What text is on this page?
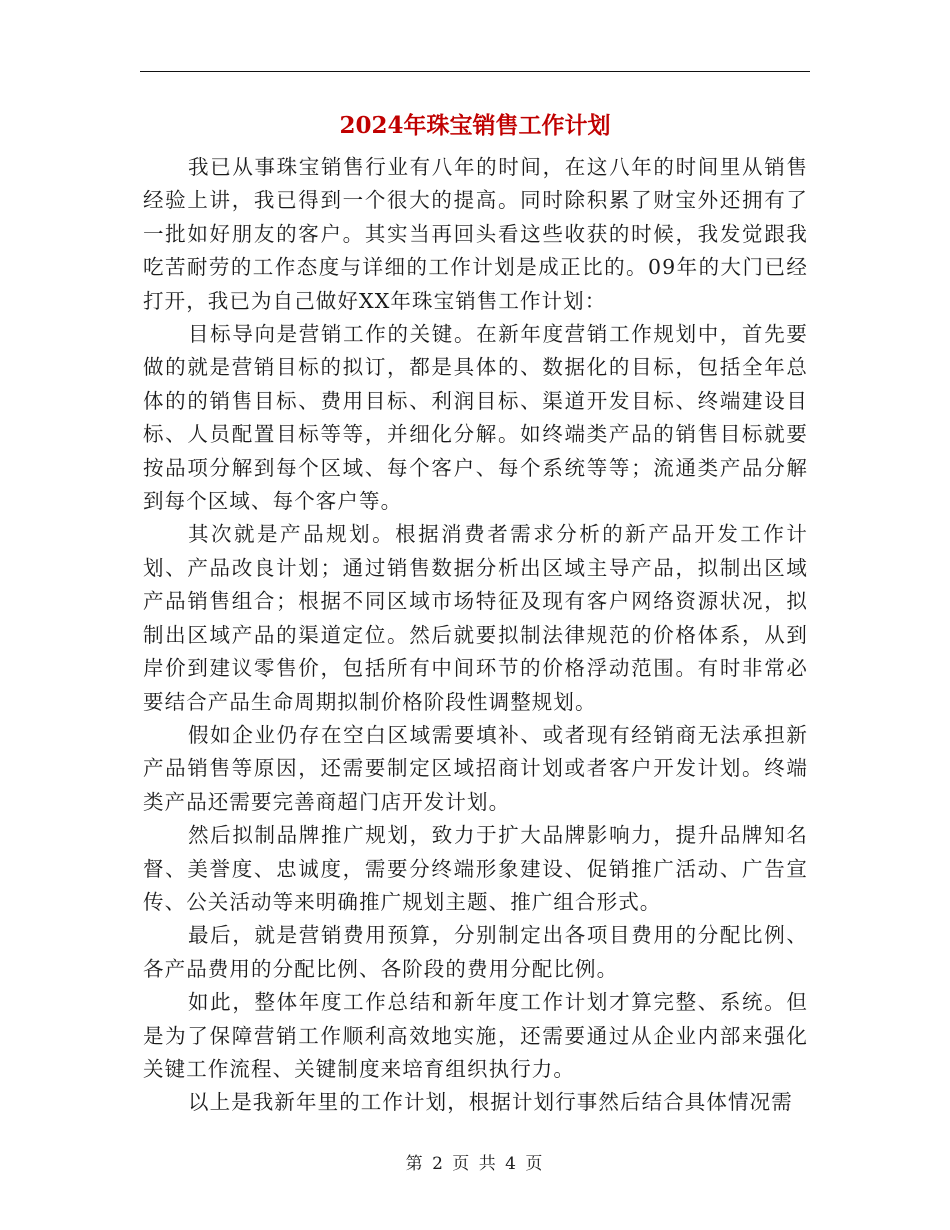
2024年珠宝销售工作计划

我已从事珠宝销售行业有八年的时间，在这八年的时间里从销售经验上讲，我已得到一个很大的提高。同时除积累了财宝外还拥有了一批如好朋友的客户。其实当再回头看这些收获的时候，我发觉跟我吃苦耐劳的工作态度与详细的工作计划是成正比的。09年的大门已经打开，我已为自己做好XX年珠宝销售工作计划：

目标导向是营销工作的关键。在新年度营销工作规划中，首先要做的就是营销目标的拟订，都是具体的、数据化的目标，包括全年总体的的销售目标、费用目标、利润目标、渠道开发目标、终端建设目标、人员配置目标等等，并细化分解。如终端类产品的销售目标就要按品项分解到每个区域、每个客户、每个系统等等；流通类产品分解到每个区域、每个客户等。

其次就是产品规划。根据消费者需求分析的新产品开发工作计划、产品改良计划；通过销售数据分析出区域主导产品，拟制出区域产品销售组合；根据不同区域市场特征及现有客户网络资源状况，拟制出区域产品的渠道定位。然后就要拟制法律规范的价格体系，从到岸价到建议零售价，包括所有中间环节的价格浮动范围。有时非常必要结合产品生命周期拟制价格阶段性调整规划。

假如企业仍存在空白区域需要填补、或者现有经销商无法承担新产品销售等原因，还需要制定区域招商计划或者客户开发计划。终端类产品还需要完善商超门店开发计划。

然后拟制品牌推广规划，致力于扩大品牌影响力，提升品牌知名督、美誉度、忠诚度，需要分终端形象建设、促销推广活动、广告宣传、公关活动等来明确推广规划主题、推广组合形式。

最后，就是营销费用预算，分别制定出各项目费用的分配比例、各产品费用的分配比例、各阶段的费用分配比例。

如此，整体年度工作总结和新年度工作计划才算完整、系统。但是为了保障营销工作顺利高效地实施，还需要通过从企业内部来强化关键工作流程、关键制度来培育组织执行力。

以上是我新年里的工作计划，根据计划行事然后结合具体情况需

第 2 页 共 4 页
